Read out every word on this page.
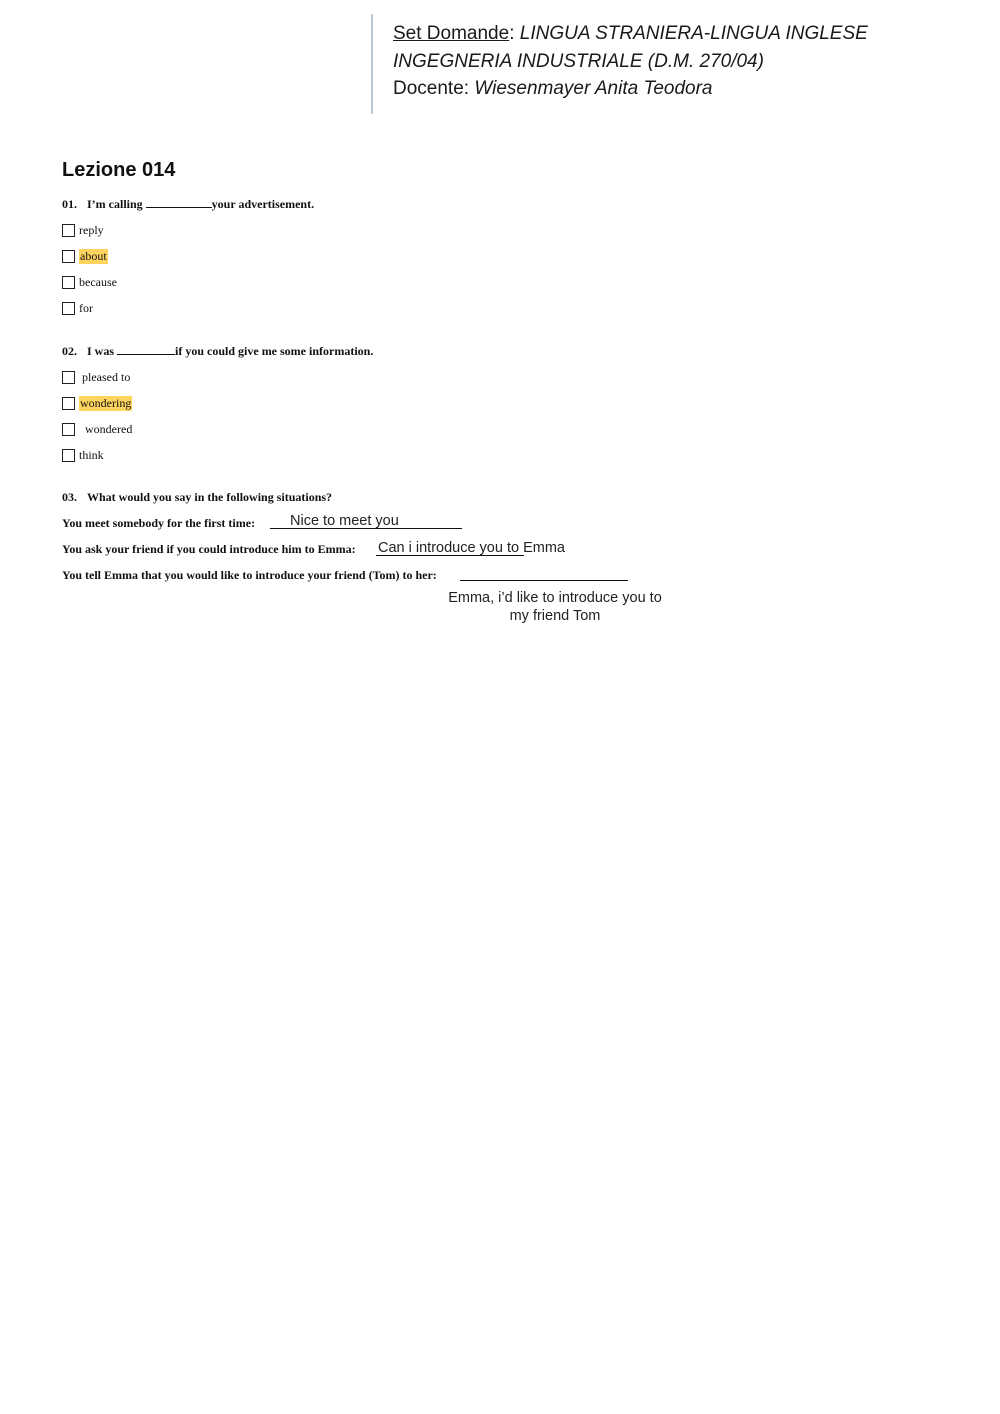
Set Domande: LINGUA STRANIERA-LINGUA INGLESE
INGEGNERIA INDUSTRIALE (D.M. 270/04)
Docente: Wiesenmayer Anita Teodora
Lezione 014
01. I’m calling	your advertisement.
reply
about
because
for
02. I was	if you could give me some information.

pleased to
wondering

wondered
think
03. What would you say in the following situations?
You meet somebody for the first time: Nice to meet you
You ask your friend if you could introduce him to Emma: Can i introduce you to Emma
You tell Emma that you would like to introduce your friend (Tom) to her:
Emma, i’d like to introduce you to
my friend Tom
